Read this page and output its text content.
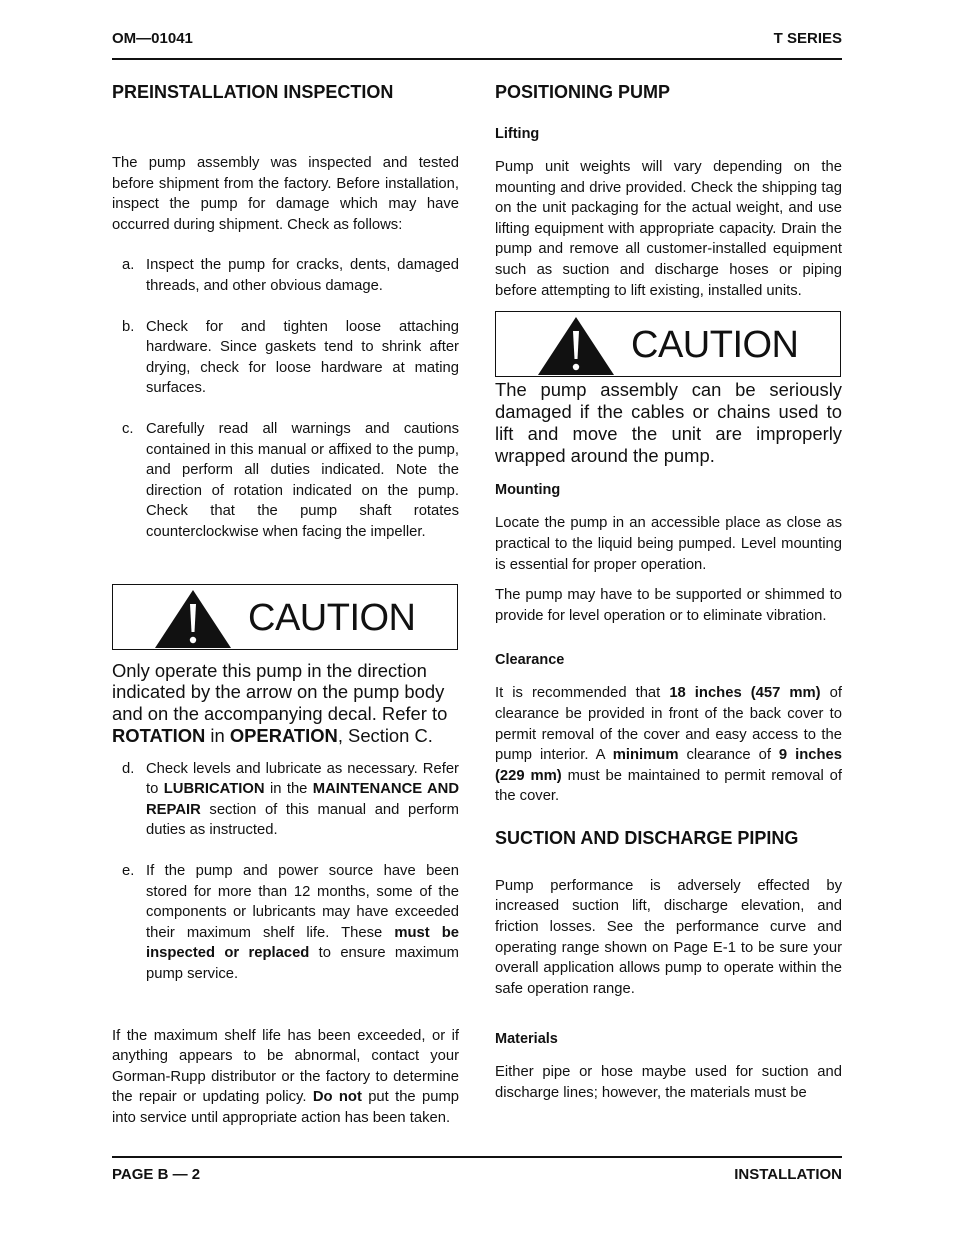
OM—01041	T SERIES
PREINSTALLATION INSPECTION

The pump assembly was inspected and tested before shipment from the factory. Before installation, inspect the pump for damage which may have occurred during shipment. Check as follows:

a. Inspect the pump for cracks, dents, damaged threads, and other obvious damage.
b. Check for and tighten loose attaching hardware. Since gaskets tend to shrink after drying, check for loose hardware at mating surfaces.
c. Carefully read all warnings and cautions contained in this manual or affixed to the pump, and perform all duties indicated. Note the direction of rotation indicated on the pump. Check that the pump shaft rotates counterclockwise when facing the impeller.
CAUTION

Only operate this pump in the direction indicated by the arrow on the pump body and on the accompanying decal. Refer to ROTATION in OPERATION, Section C.

d. Check levels and lubricate as necessary. Refer to LUBRICATION in the MAINTENANCE AND REPAIR section of this manual and perform duties as instructed.
e. If the pump and power source have been stored for more than 12 months, some of the components or lubricants may have exceeded their maximum shelf life. These must be inspected or replaced to ensure maximum pump service.

If the maximum shelf life has been exceeded, or if anything appears to be abnormal, contact your Gorman-Rupp distributor or the factory to determine the repair or updating policy. Do not put the pump into service until appropriate action has been taken.

POSITIONING PUMP
Lifting

Pump unit weights will vary depending on the mounting and drive provided. Check the shipping tag on the unit packaging for the actual weight, and use lifting equipment with appropriate capacity. Drain the pump and remove all customer-installed equipment such as suction and discharge hoses or piping before attempting to lift existing, installed units.

CAUTION

The pump assembly can be seriously damaged if the cables or chains used to lift and move the unit are improperly wrapped around the pump.

Mounting

Locate the pump in an accessible place as close as practical to the liquid being pumped. Level mounting is essential for proper operation.

The pump may have to be supported or shimmed to provide for level operation or to eliminate vibration.

Clearance

It is recommended that 18 inches (457 mm) of clearance be provided in front of the back cover to permit removal of the cover and easy access to the pump interior. A minimum clearance of 9 inches (229 mm) must be maintained to permit removal of the cover.

SUCTION AND DISCHARGE PIPING

Pump performance is adversely effected by increased suction lift, discharge elevation, and friction losses. See the performance curve and operating range shown on Page E-1 to be sure your overall application allows pump to operate within the safe operation range.

Materials

Either pipe or hose maybe used for suction and discharge lines; however, the materials must be

PAGE B — 2	INSTALLATION
